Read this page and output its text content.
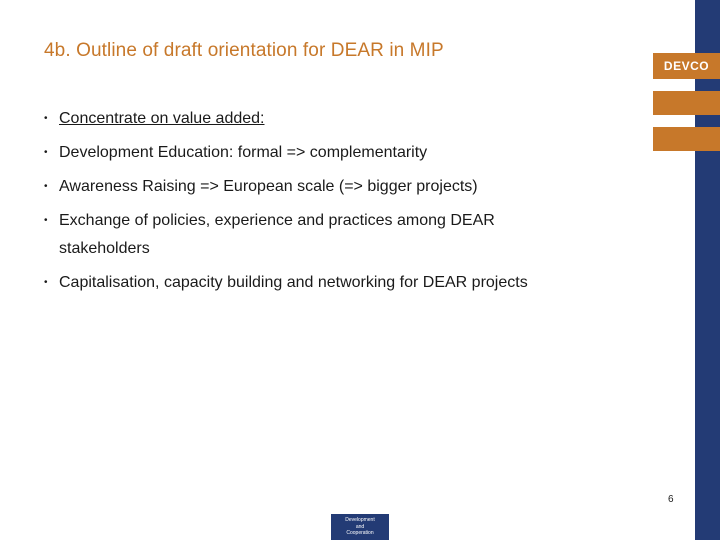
DEVCO
4b. Outline of draft orientation for DEAR in MIP
• Concentrate on value added:
• Development Education: formal => complementarity
• Awareness Raising => European scale (=> bigger projects)
• Exchange of policies, experience and practices among DEAR stakeholders
• Capitalisation, capacity building and networking for DEAR projects
6
Development
and
Cooperation
